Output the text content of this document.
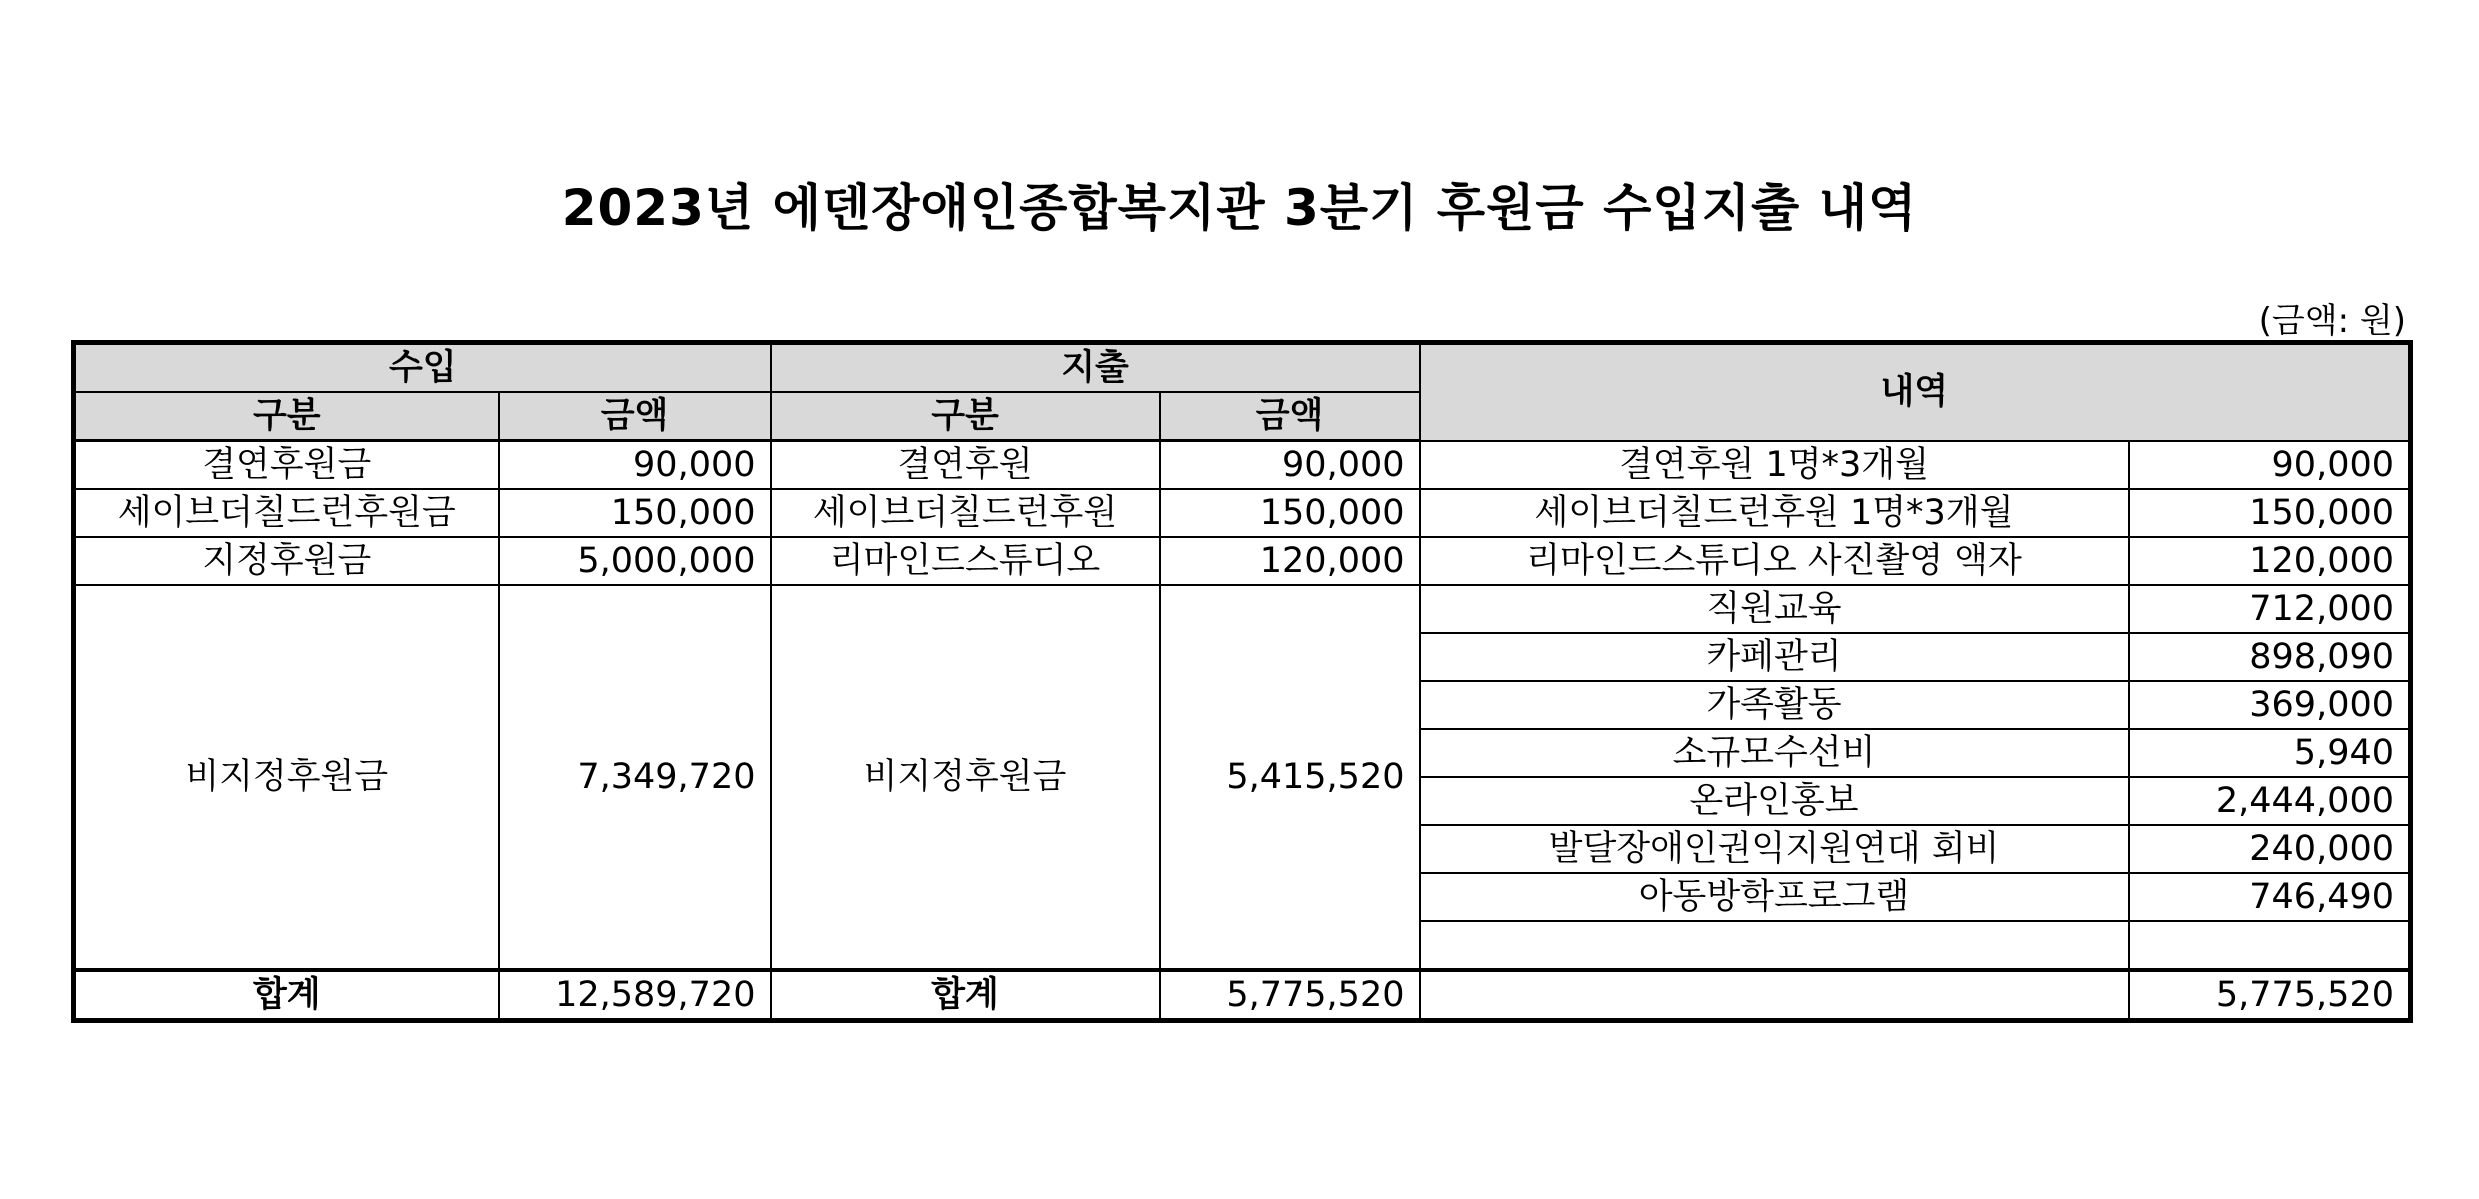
2023년 에덴장애인종합복지관 3분기 후원금 수입지출 내역
(금액: 원)
수입		지출		내역	
구분	금액	구분	금액		
결연후원금	90,000	결연후원	90,000	결연후원 1명*3개월	90,000
세이브더칠드런후원금	150,000	세이브더칠드런후원	150,000	세이브더칠드런후원 1명*3개월	150,000
지정후원금	5,000,000	리마인드스튜디오	120,000	리마인드스튜디오 사진촬영 액자	120,000
비지정후원금	7,349,720	비지정후원금	5,415,520	직원교육	712,000
				카페관리	898,090
				가족활동	369,000
				소규모수선비	5,940
				온라인홍보	2,444,000
				발달장애인권익지원연대 회비	240,000
				아동방학프로그램	746,490

합계	12,589,720	합계	5,775,520		5,775,520
